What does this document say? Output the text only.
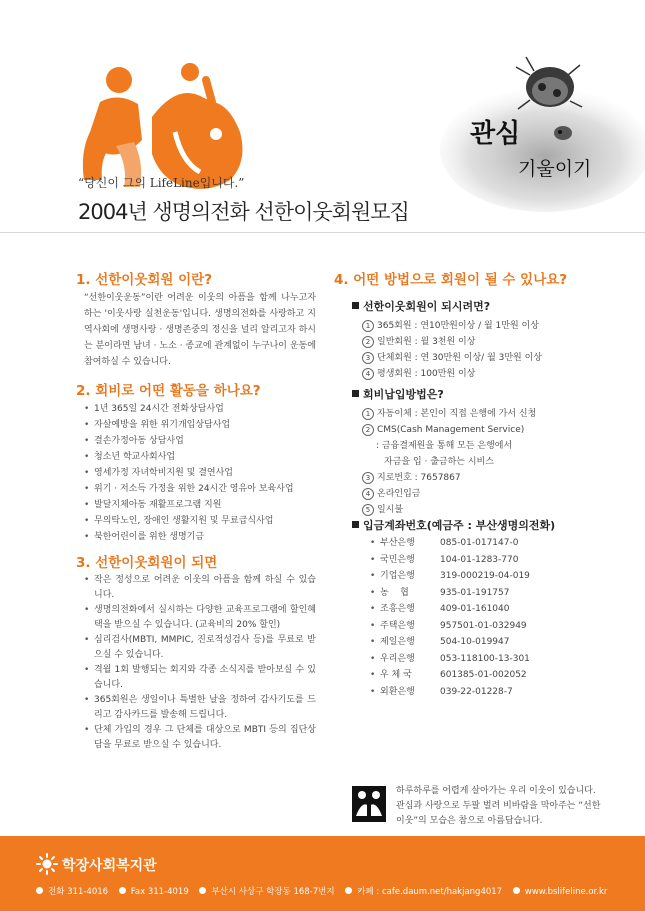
“당신이 그의 LifeLine입니다.”
2004년 생명의전화 선한이웃회원모집
관심
기울이기
1. 선한이웃회원 이란?
“선한이웃운동”이란 어려운 이웃의 아픔을 함께 나누고자 하는 '이웃사랑 실천운동'입니다. 생명의전화를 사랑하고 지역사회에 생명사랑 · 생명존중의 정신을 널리 알리고자 하시는 분이라면 남녀 · 노소 · 종교에 관계없이 누구나이 운동에 참여하실 수 있습니다.
2. 회비로 어떤 활동을 하나요?
• 1년 365일 24시간 전화상담사업
• 자살예방을 위한 위기개입상담사업
• 결손가정아동 상담사업
• 청소년 학교사회사업
• 영세가정 자녀학비지원 및 결연사업
• 위기 · 저소득 가정을 위한 24시간 영유아 보육사업
• 발달지체아동 재활프로그램 지원
• 무의탁노인, 장애인 생활지원 및 무료급식사업
• 북한어린이를 위한 생명기금
3. 선한이웃회원이 되면
• 작은 정성으로 어려운 이웃의 아픔을 함께 하실 수 있습니다.
• 생명의전화에서 실시하는 다양한 교육프로그램에 할인혜택을 받으실 수 있습니다. (교육비의 20% 할인)
• 심리검사(MBTI, MMPIC, 진로적성검사 등)를 무료로 받으실 수 있습니다.
• 격월 1회 발행되는 회지와 각종 소식지를 받아보실 수 있습니다.
• 365회원은 생일이나 특별한 날을 정하여 감사기도를 드리고 감사카드를 발송해 드립니다.
• 단체 가입의 경우 그 단체를 대상으로 MBTI 등의 집단상담을 무료로 받으실 수 있습니다.
4. 어떤 방법으로 회원이 될 수 있나요?
선한이웃회원이 되시려면?
1 365회원 : 연10만원이상 / 월 1만원 이상
2 일반회원 : 월 3천원 이상
3 단체회원 : 연 30만원 이상/ 월 3만원 이상
4 평생회원 : 100만원 이상
회비납입방법은?
1 자동이체 : 본인이 직접 은행에 가서 신청
2 CMS(Cash Management Service)
: 금융결제원을 통해 모든 은행에서
자금을 입 · 출금하는 시비스
3 지로번호 : 7657867
4 온라인입금
5 일시불
입금계좌번호(예금주 : 부산생명의전화)
• 부산은행	085-01-017147-0
• 국민은행	104-01-1283-770
• 기업은행	319-000219-04-019
• 농    협	935-01-191757
• 조흥은행	409-01-161040
• 주택은행	957501-01-032949
• 제일은행	504-10-019947
• 우리은행	053-118100-13-301
• 우 체 국	601385-01-002052
• 외환은행	039-22-01228-7
하루하루를 어렵게 살아가는 우리 이웃이 있습니다. 관심과 사랑으로 두팔 벌려 비바람을 막아주는 “선한이웃”의 모습은 참으로 아름답습니다.
학장사회복지관
전화 311-4016	Fax 311-4019	부산시 사상구 학장동 168-7번지	카페 : cafe.daum.net/hakjang4017	www.bslifeline.or.kr
